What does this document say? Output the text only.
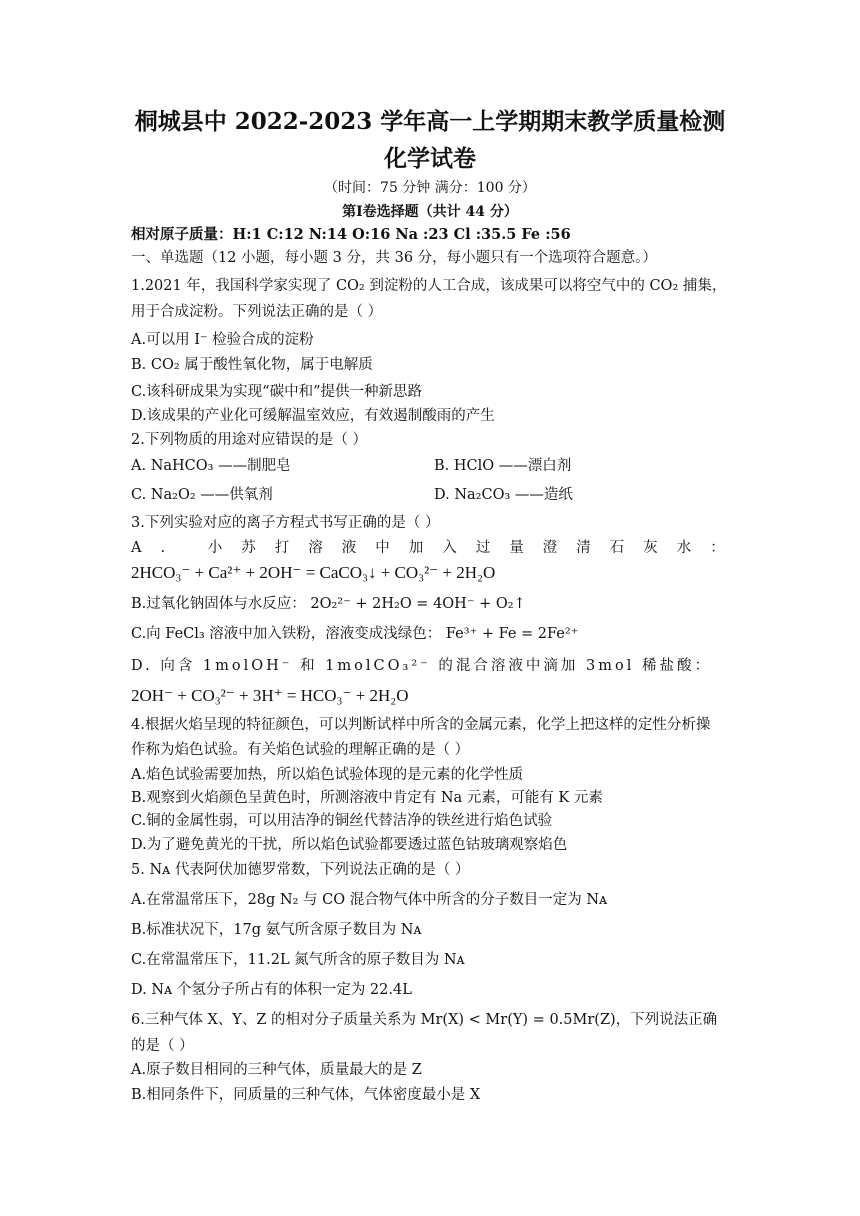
桐城县中 2022-2023 学年高一上学期期末教学质量检测
化学试卷
（时间：75 分钟 满分：100 分）
第Ⅰ卷选择题（共计 44 分）
相对原子质量：H:1 C:12 N:14 O:16 Na :23 Cl :35.5 Fe :56
一、单选题（12 小题，每小题 3 分，共 36 分，每小题只有一个选项符合题意。）
1.2021 年，我国科学家实现了 CO₂ 到淀粉的人工合成，该成果可以将空气中的 CO₂ 捕集，
用于合成淀粉。下列说法正确的是（ ）
A.可以用 I⁻ 检验合成的淀粉
B. CO₂ 属于酸性氧化物，属于电解质
C.该科研成果为实现“碳中和”提供一种新思路
D.该成果的产业化可缓解温室效应，有效遏制酸雨的产生
2.下列物质的用途对应错误的是（ ）
A. NaHCO₃ ——制肥皂	B. HClO ——漂白剂
C. Na₂O₂ ——供氧剂	D. Na₂CO₃ ——造纸
3.下列实验对应的离子方程式书写正确的是（ ）
A. 小苏打溶液中加入过量澄清石灰水：
2HCO₃⁻ + Ca²⁺ + 2OH⁻ = CaCO₃↓ + CO₃²⁻ + 2H₂O
B.过氧化钠固体与水反应： 2O₂²⁻ + 2H₂O = 4OH⁻ + O₂↑
C.向 FeCl₃ 溶液中加入铁粉，溶液变成浅绿色： Fe³⁺ + Fe = 2Fe²⁺
D. 向含 1molOH⁻ 和 1molCO₃²⁻ 的混合溶液中滴加 3mol 稀盐酸：
2OH⁻ + CO₃²⁻ + 3H⁺ = HCO₃⁻ + 2H₂O
4.根据火焰呈现的特征颜色，可以判断试样中所含的金属元素，化学上把这样的定性分析操
作称为焰色试验。有关焰色试验的理解正确的是（ ）
A.焰色试验需要加热，所以焰色试验体现的是元素的化学性质
B.观察到火焰颜色呈黄色时，所测溶液中肯定有 Na 元素，可能有 K 元素
C.铜的金属性弱，可以用洁净的铜丝代替洁净的铁丝进行焰色试验
D.为了避免黄光的干扰，所以焰色试验都要透过蓝色钴玻璃观察焰色
5. Nᴀ 代表阿伏加德罗常数，下列说法正确的是（ ）
A.在常温常压下，28g N₂ 与 CO 混合物气体中所含的分子数目一定为 Nᴀ
B.标准状况下，17g 氨气所含原子数目为 Nᴀ
C.在常温常压下，11.2L 氮气所含的原子数目为 Nᴀ
D. Nᴀ 个氢分子所占有的体积一定为 22.4L
6.三种气体 X、Y、Z 的相对分子质量关系为 Mr(X) < Mr(Y) = 0.5Mr(Z)，下列说法正确
的是（ ）
A.原子数目相同的三种气体，质量最大的是 Z
B.相同条件下，同质量的三种气体，气体密度最小是 X
